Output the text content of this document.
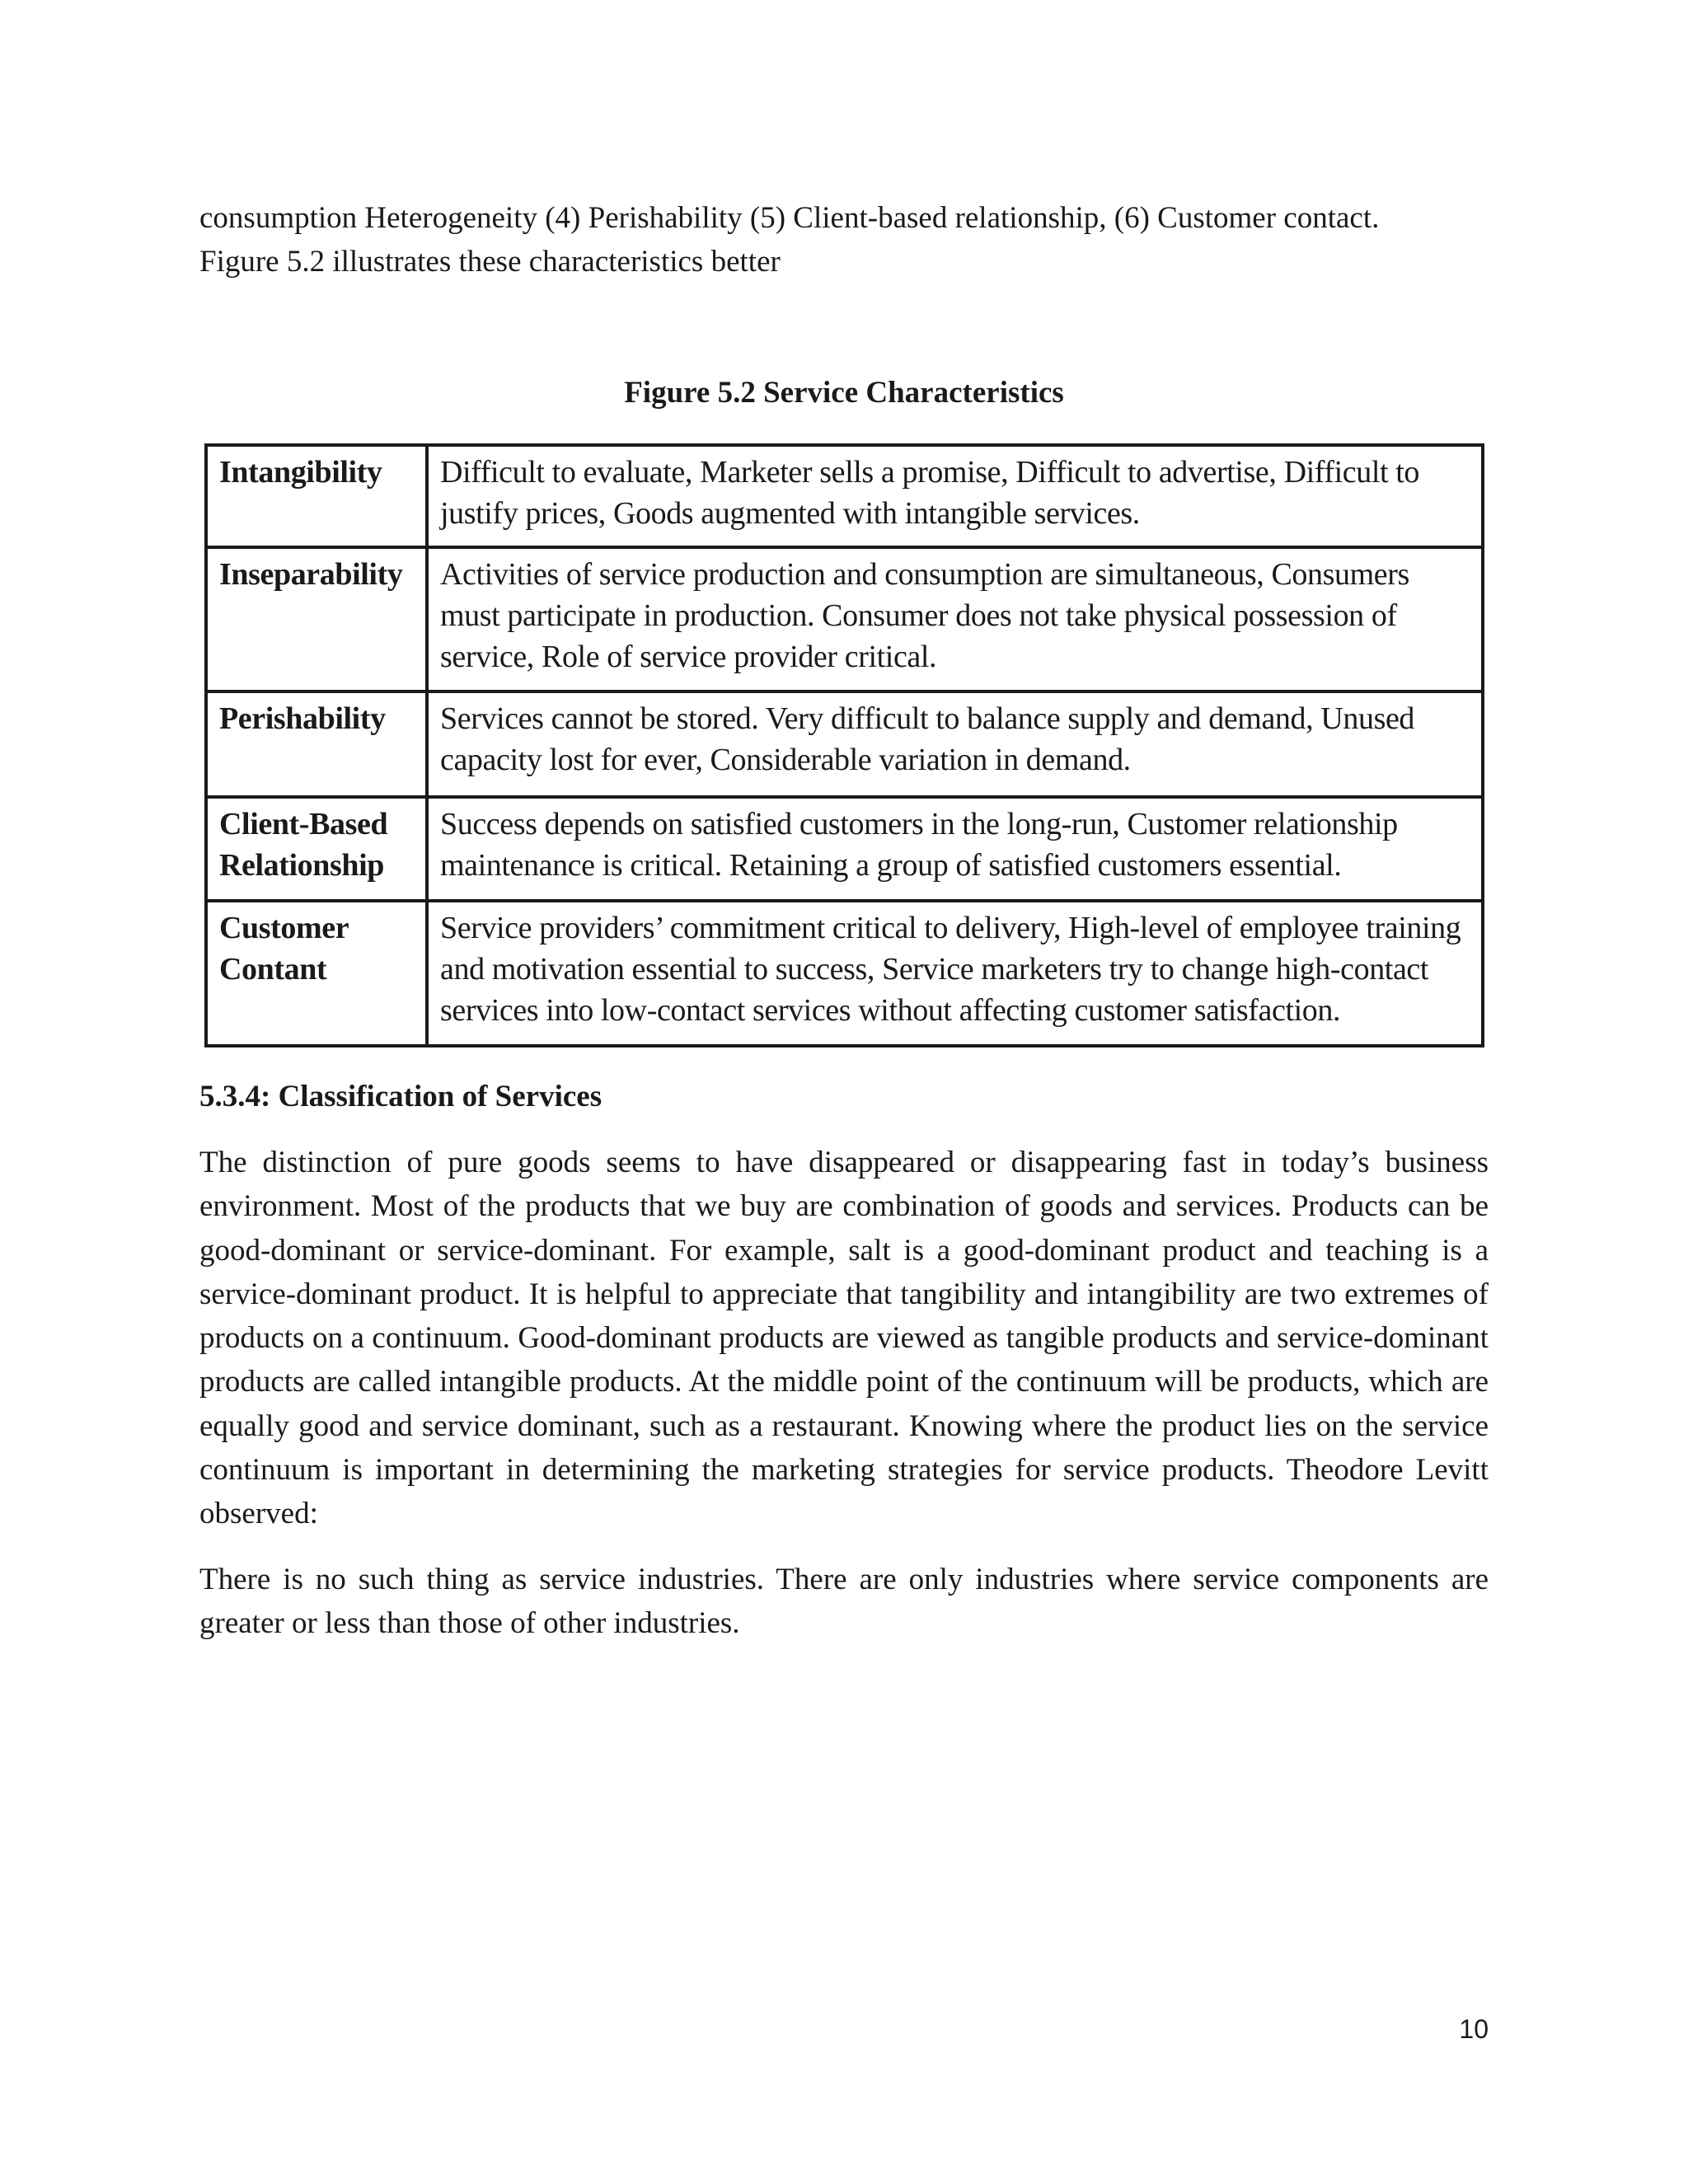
consumption Heterogeneity (4) Perishability (5) Client-based relationship, (6) Customer contact.
Figure 5.2 illustrates these characteristics better
Figure 5.2 Service Characteristics
Intangibility	Difficult to evaluate, Marketer sells a promise, Difficult to advertise, Difficult to justify prices, Goods augmented with intangible services.
Inseparability	Activities of service production and consumption are simultaneous, Consumers must participate in production. Consumer does not take physical possession of service, Role of service provider critical.
Perishability	Services cannot be stored. Very difficult to balance supply and demand, Unused capacity lost for ever, Considerable variation in demand.
Client-Based Relationship	Success depends on satisfied customers in the long-run, Customer relationship maintenance is critical. Retaining a group of satisfied customers essential.
Customer Contant	Service providers’ commitment critical to delivery, High-level of employee training and motivation essential to success, Service marketers try to change high-contact services into low-contact services without affecting customer satisfaction.
5.3.4: Classification of Services
The distinction of pure goods seems to have disappeared or disappearing fast in today’s business environment. Most of the products that we buy are combination of goods and services. Products can be good-dominant or service-dominant. For example, salt is a good-dominant product and teaching is a service-dominant product. It is helpful to appreciate that tangibility and intangibility are two extremes of products on a continuum. Good-dominant products are viewed as tangible products and service-dominant products are called intangible products. At the middle point of the continuum will be products, which are equally good and service dominant, such as a restaurant. Knowing where the product lies on the service continuum is important in determining the marketing strategies for service products. Theodore Levitt observed:
There is no such thing as service industries. There are only industries where service components are greater or less than those of other industries.
10
